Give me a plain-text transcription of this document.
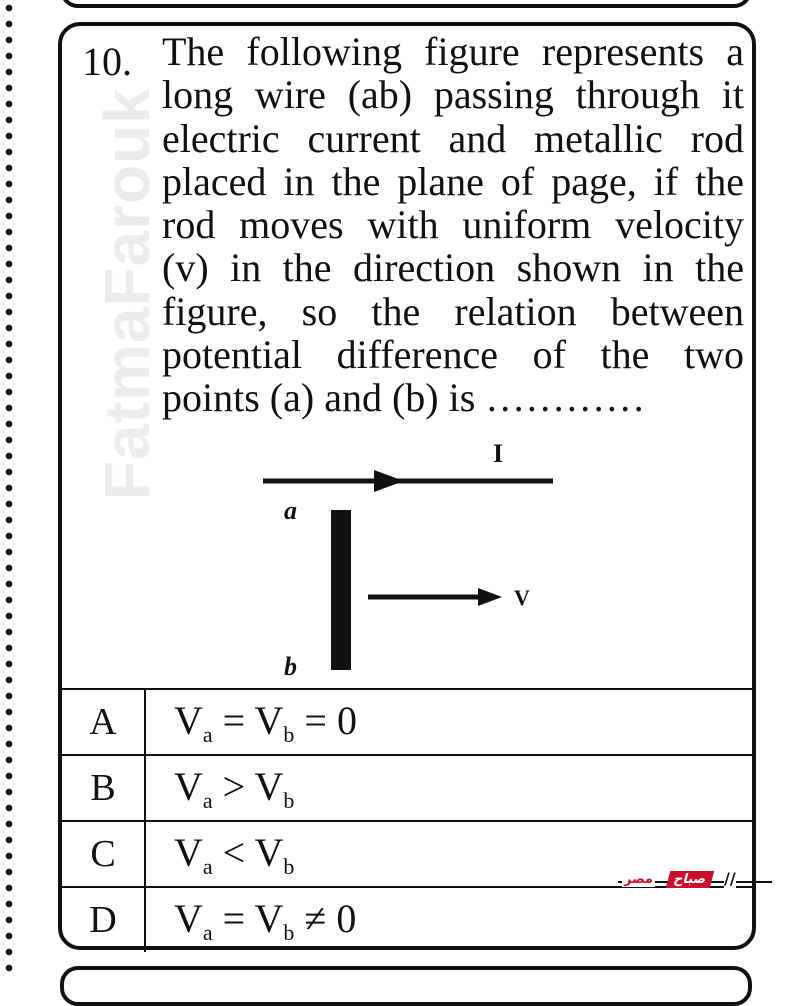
FatmaFarouk
10. The following figure represents a long wire (ab) passing through it electric current and metallic rod placed in the plane of page, if the rod moves with uniform velocity (v) in the direction shown in the figure, so the relation between potential difference of the two points (a) and (b) is …………
I
a
b
V
A	$V_a = V_b = 0$
B	$V_a > V_b$
C	$V_a < V_b$
D	$V_a = V_b \ne 0$
مصر	صباح //
